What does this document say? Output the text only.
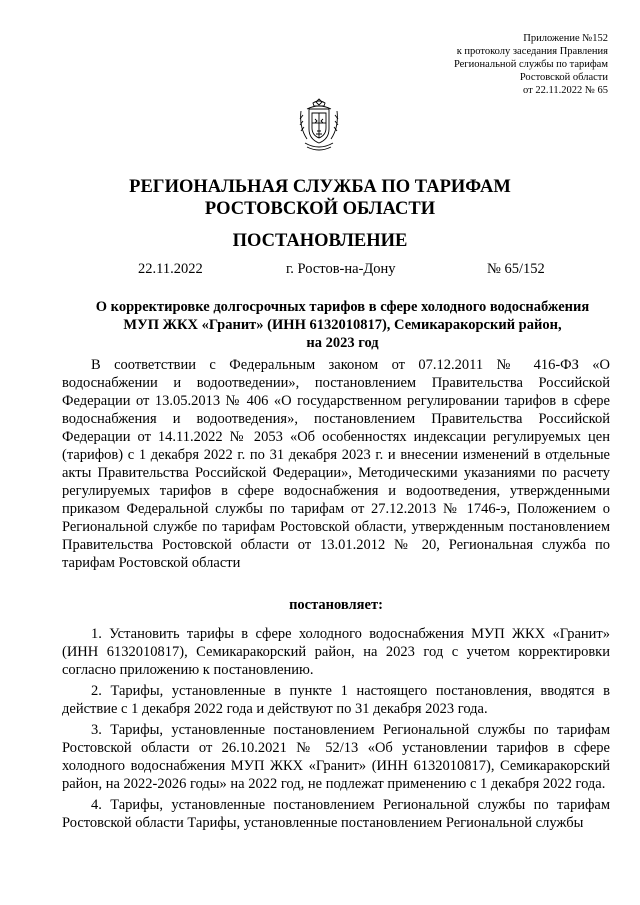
Приложение №152
к протоколу заседания Правления
Региональной службы по тарифам
Ростовской области
от 22.11.2022 № 65
РЕГИОНАЛЬНАЯ СЛУЖБА ПО ТАРИФАМ
РОСТОВСКОЙ ОБЛАСТИ
ПОСТАНОВЛЕНИЕ
22.11.2022	г. Ростов-на-Дону	№ 65/152
О корректировке долгосрочных тарифов в сфере холодного водоснабжения
МУП ЖКХ «Гранит» (ИНН 6132010817), Семикаракорский район,
на 2023 год

В соответствии с Федеральным законом от 07.12.2011 № 416-ФЗ «О водоснабжении и водоотведении», постановлением Правительства Российской Федерации от 13.05.2013 № 406 «О государственном регулировании тарифов в сфере водоснабжения и водоотведения», постановлением Правительства Российской Федерации от 14.11.2022 № 2053 «Об особенностях индексации регулируемых цен (тарифов) с 1 декабря 2022 г. по 31 декабря 2023 г. и внесении изменений в отдельные акты Правительства Российской Федерации», Методическими указаниями по расчету регулируемых тарифов в сфере водоснабжения и водоотведения, утвержденными приказом Федеральной службы по тарифам от 27.12.2013 № 1746-э, Положением о Региональной службе по тарифам Ростовской области, утвержденным постановлением Правительства Ростовской области от 13.01.2012 № 20, Региональная служба по тарифам Ростовской области

постановляет:

1. Установить тарифы в сфере холодного водоснабжения МУП ЖКХ «Гранит» (ИНН 6132010817), Семикаракорский район, на 2023 год с учетом корректировки согласно приложению к постановлению.

2. Тарифы, установленные в пункте 1 настоящего постановления, вводятся в действие с 1 декабря 2022 года и действуют по 31 декабря 2023 года.

3. Тарифы, установленные постановлением Региональной службы по тарифам Ростовской области от 26.10.2021 № 52/13 «Об установлении тарифов в сфере холодного водоснабжения МУП ЖКХ «Гранит» (ИНН 6132010817), Семикаракорский район, на 2022-2026 годы» на 2022 год, не подлежат применению с 1 декабря 2022 года.

4. Тарифы, установленные постановлением Региональной службы по тарифам Ростовской области Тарифы, установленные постановлением Региональной службы
